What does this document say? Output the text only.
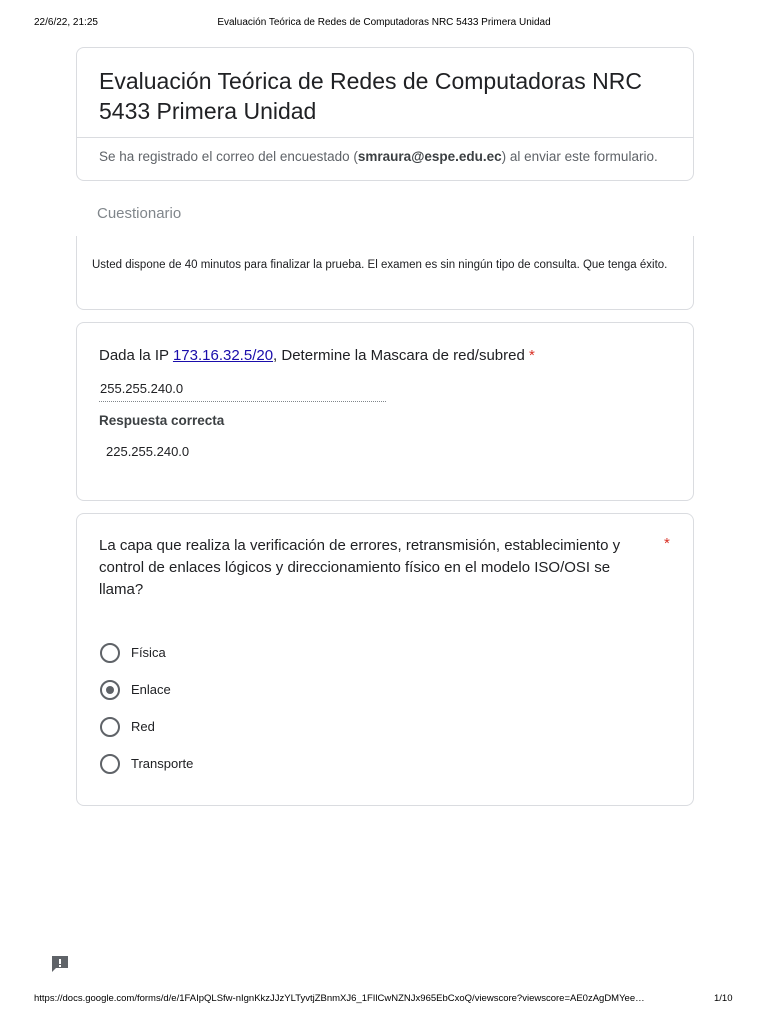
22/6/22, 21:25	Evaluación Teórica de Redes de Computadoras NRC 5433 Primera Unidad
Evaluación Teórica de Redes de Computadoras NRC 5433 Primera Unidad
Se ha registrado el correo del encuestado (smraura@espe.edu.ec) al enviar este formulario.
Cuestionario
Usted dispone de 40 minutos para finalizar la prueba. El examen es sin ningún tipo de consulta. Que tenga éxito.
Dada la IP 173.16.32.5/20, Determine la Mascara de red/subred *
255.255.240.0
Respuesta correcta
225.255.240.0
La capa que realiza la verificación de errores, retransmisión, establecimiento y control de enlaces lógicos y direccionamiento físico en el modelo ISO/OSI se llama?
*
Física
Enlace
Red
Transporte
https://docs.google.com/forms/d/e/1FAIpQLSfw-nIgnKkzJJzYLTyvtjZBnmXJ6_1FIlCwNZNJx965EbCxoQ/viewscore?viewscore=AE0zAgDMYee…	1/10
